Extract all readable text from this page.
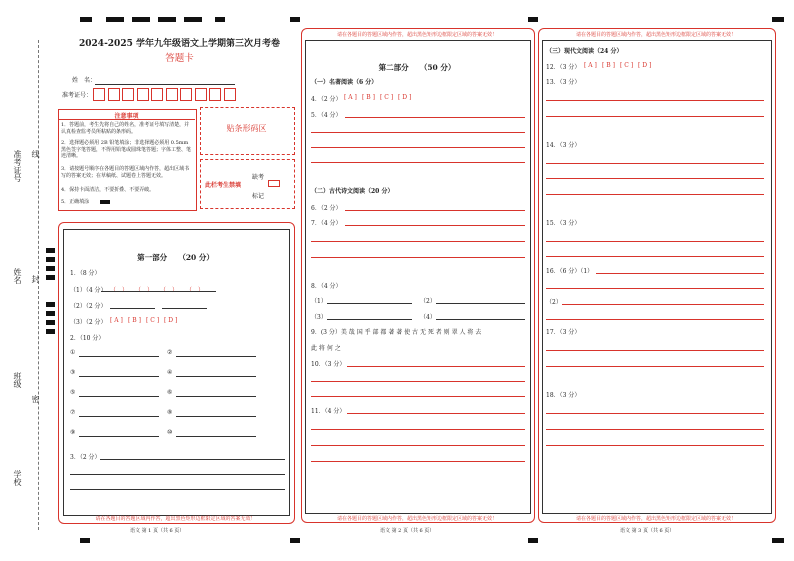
准考证号 线
姓名 封
班级
密
学校
2024-2025 学年九年级语文上学期第三次月考卷
答题卡
姓　名：
准考证号：
注意事项
1．答题前，考生先将自己的姓名，准考证号填写清楚，并认真检查监考员所粘贴的条形码。
2．选择题必须用 2B 铅笔填涂；非选择题必须用 0.5mm 黑色签字笔答题，不得用铅笔或圆珠笔答题；字体工整、笔迹清晰。
3．请按题号顺序在各题目的答题区域内作答，超出区域书写的答案无效；在草稿纸、试题卷上答题无效。
4．保持卡面清洁，不要折叠、不要弄破。
5．正确填涂
贴条形码区
此栏考生禁填
缺考
标记
第一部分　　（20 分）
1．（8 分）
（1）（4 分） （　） （　） （　） （　）
（2）（2 分）
（3）（2 分） [ A ] [ B ] [ C ] [ D ]
2．（10 分）
①	②
③	④
⑤	⑥
⑦	⑧
⑨	⑩
3．（2 分）
请在各题目的答题区域内作答，超出黑色矩形边框限定区域的答案无效！
语文 第 1 页（共 6 页）
请在各题目的答题区域内作答，超出黑色矩形边框限定区域的答案无效！
第二部分　　（50 分）
（一）名著阅读（6 分）
4．（2 分） [ A ] [ B ] [ C ] [ D ]
5．（4 分）
（二）古代诗文阅读（20 分）
6．（2 分）
7．（4 分）
8．（4 分）
（1）	（2）
（3）	（4）
9．(3 分）美 哉 国 乎 部 都 著 著 使 古 无 死 者 则 翠 人 将 去
此 将 何 之
10．（3 分）
11．（4 分）
请在各题目的答题区域内作答，超出黑色矩形边框限定区域的答案无效！
语文 第 2 页（共 6 页）
请在各题目的答题区域内作答，超出黑色矩形边框限定区域的答案无效！
（三）现代文阅读（24 分）
12．（3 分） [ A ] [ B ] [ C ] [ D ]
13．（3 分）
14．（3 分）
15．（3 分）
16．（6 分）（1）
（2）
17．（3 分）
18．（3 分）
请在各题目的答题区域内作答，超出黑色矩形边框限定区域的答案无效！
语文 第 3 页（共 6 页）
